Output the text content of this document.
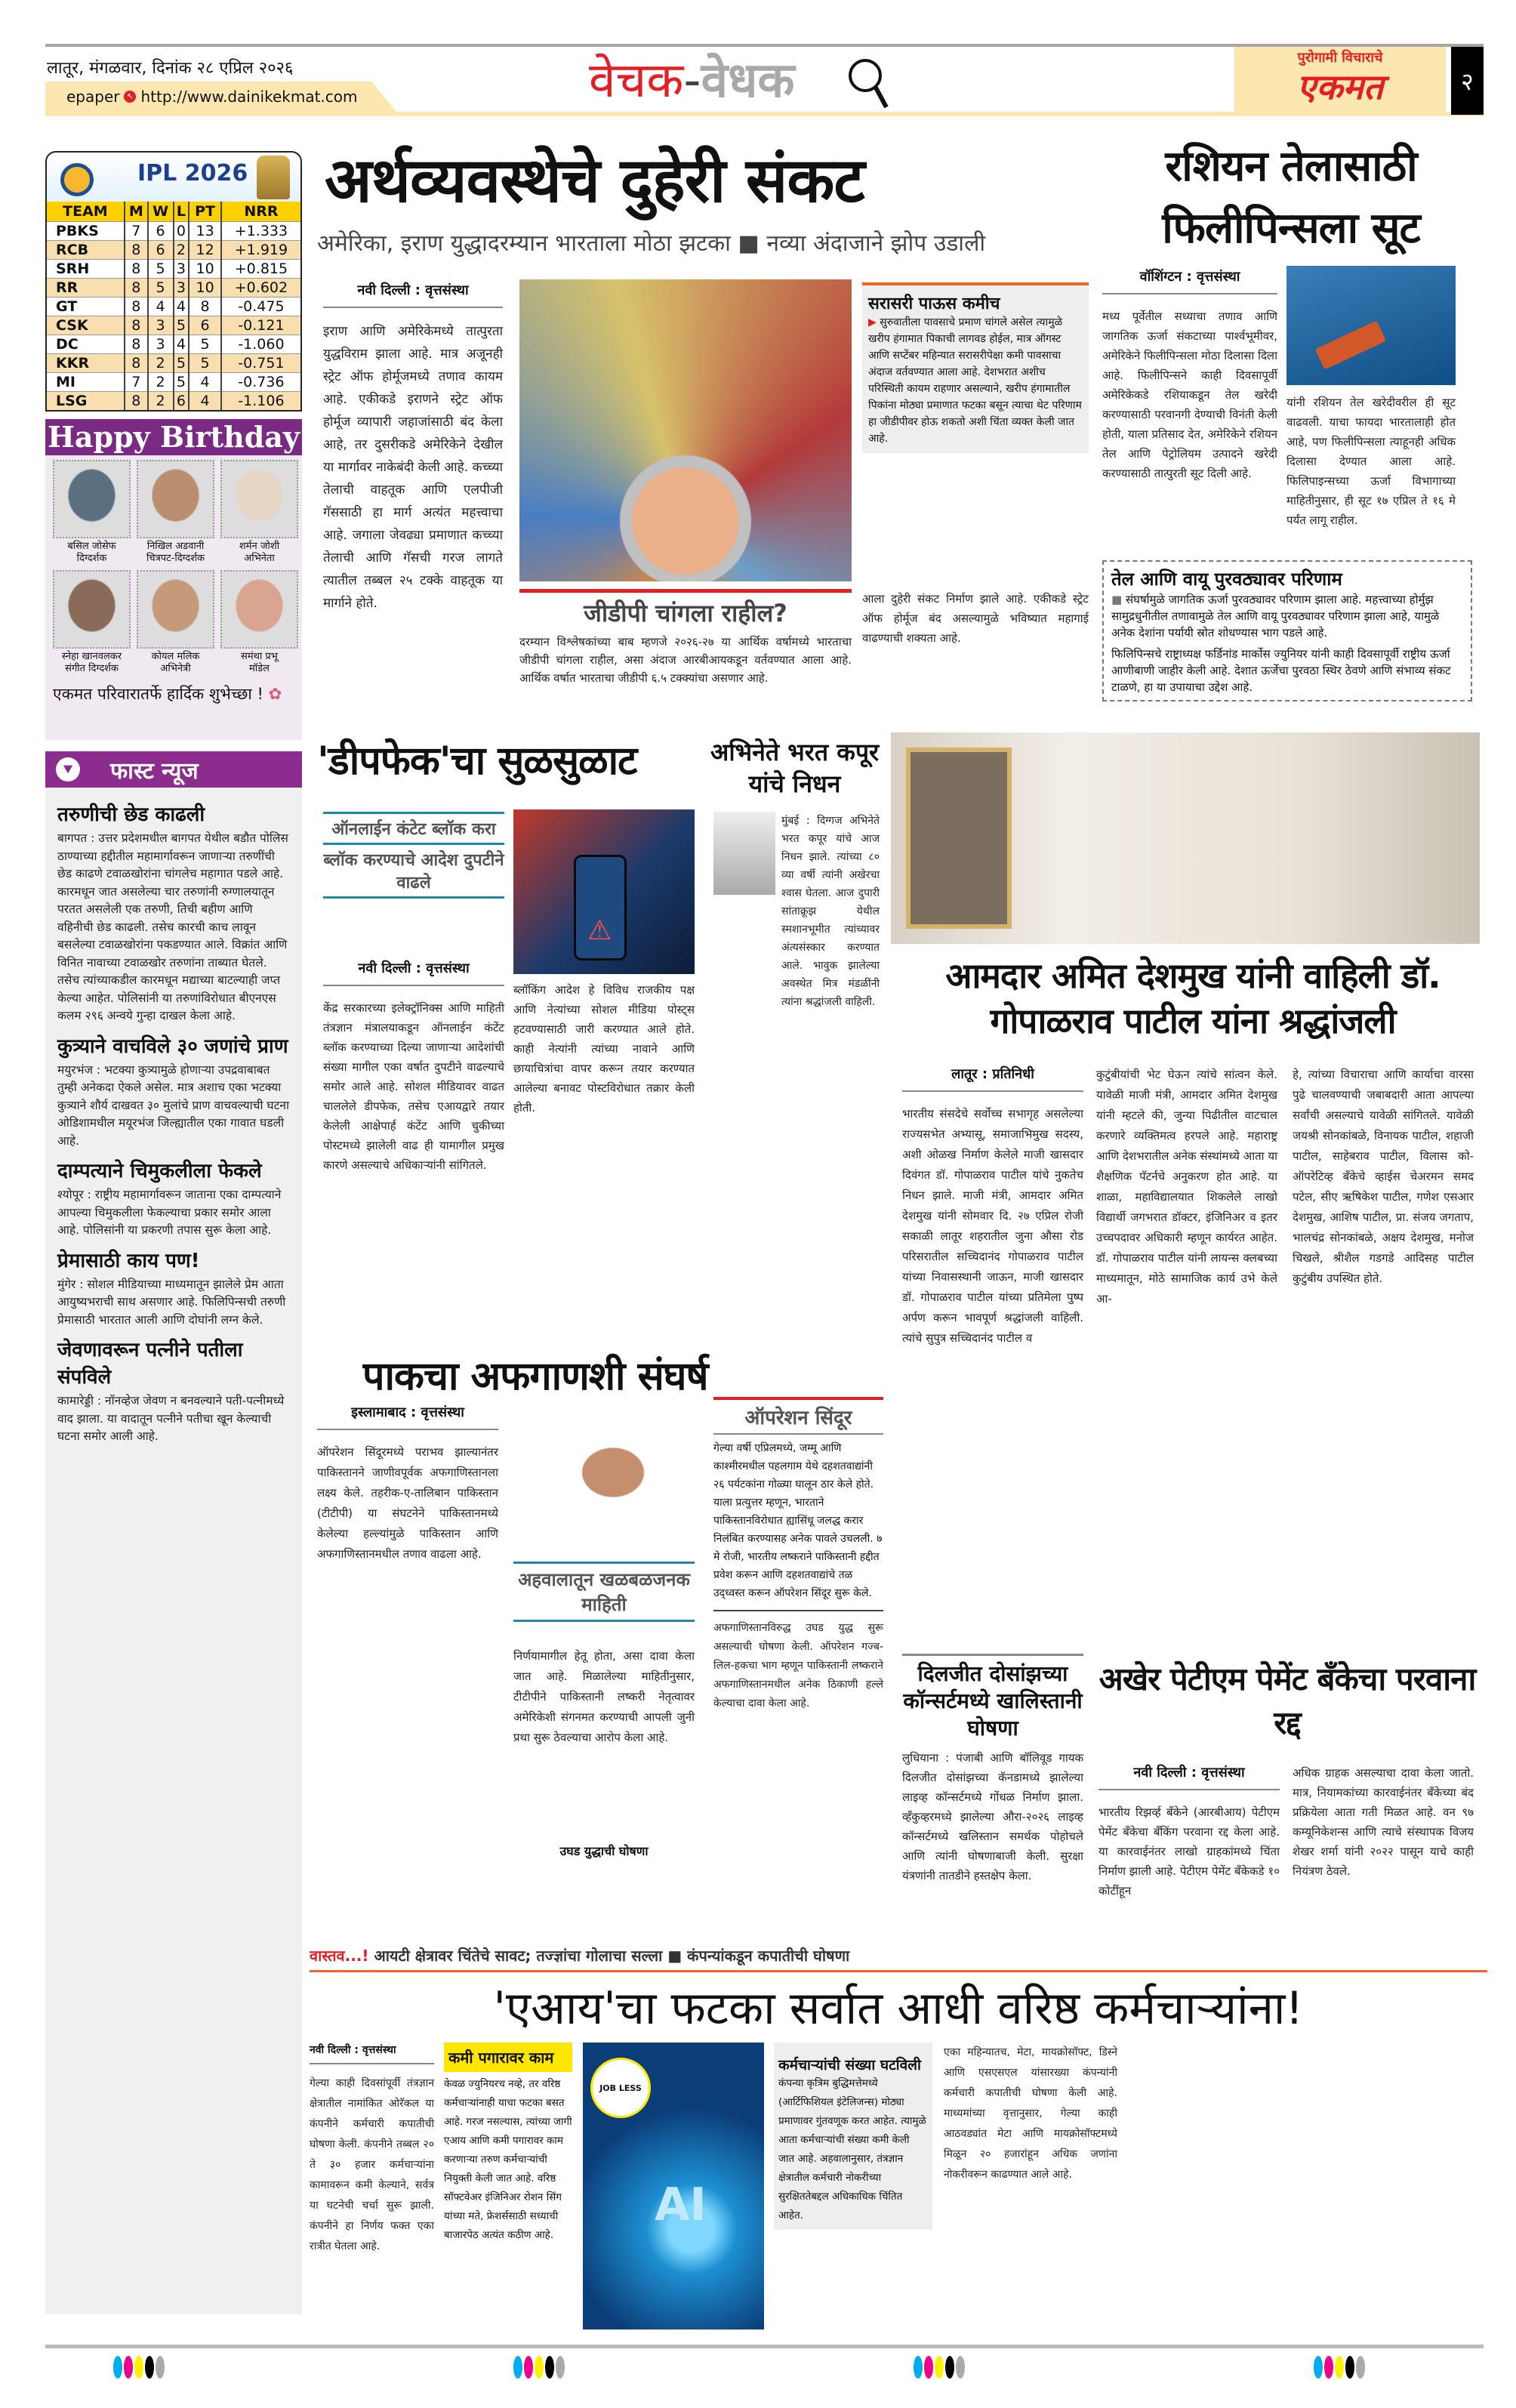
लातूर, मंगळवार, दिनांक २८ एप्रिल २०२६
epaper ↖ http://www.dainikekmat.com	वेचक-वेधक	पुरोगामी विचाराचे
एकमत	२
IPL 2026
TEAM	M	W	L	PT	NRR
PBKS	7	6	0	13	+1.333
RCB	8	6	2	12	+1.919
SRH	8	5	3	10	+0.815
RR	8	5	3	10	+0.602
GT	8	4	4	8	-0.475
CSK	8	3	5	6	-0.121
DC	8	3	4	5	-1.060
KKR	8	2	5	5	-0.751
MI	7	2	5	4	-0.736
LSG	8	2	6	4	-1.106
Happy Birthday
बसिल जोसेफ
दिग्दर्शक
निखिल अडवानी
चित्रपट-दिग्दर्शक
शर्मन जोशी
अभिनेता
स्नेहा खानवलकर
संगीत दिग्दर्शक
कोयल मलिक
अभिनेत्री
समंथा प्रभू
मॉडेल
एकमत परिवारातर्फे हार्दिक शुभेच्छा ! ✿
⯆ फास्ट न्यूज
तरुणीची छेड काढली
बागपत : उत्तर प्रदेशमधील बागपत येथील बडौत पोलिस ठाण्याच्या हद्दीतील महामार्गावरून जाणाऱ्या तरुणींची छेड काढणे टवाळखोरांना चांगलेच महागात पडले आहे. कारमधून जात असलेल्या चार तरुणांनी रुग्णालयातून परतत असलेली एक तरुणी, तिची बहीण आणि वहिनीची छेड काढली. तसेच कारची काच लावून बसलेल्या टवाळखोरांना पकडण्यात आले. विक्रांत आणि विनित नावाच्या टवाळखोर तरुणांना ताब्यात घेतले. तसेच त्यांच्याकडील कारमधून मद्याच्या बाटल्याही जप्त केल्या आहेत. पोलिसांनी या तरुणांविरोधात बीएनएस कलम २९६ अन्वये गुन्हा दाखल केला आहे.
कुत्र्याने वाचविले ३० जणांचे प्राण
मयुरभंज : भटक्या कुत्र्यामुळे होणाऱ्या उपद्रवाबाबत तुम्ही अनेकदा ऐकले असेल. मात्र अशाच एका भटक्या कुत्र्याने शौर्य दाखवत ३० मुलांचे प्राण वाचवल्याची घटना ओडिशामधील मयूरभंज जिल्ह्यातील एका गावात घडली आहे.
दाम्पत्याने चिमुकलीला फेकले
श्योपूर : राष्ट्रीय महामार्गावरून जाताना एका दाम्पत्याने आपल्या चिमुकलीला फेकल्याचा प्रकार समोर आला आहे. पोलिसांनी या प्रकरणी तपास सुरू केला आहे.
प्रेमासाठी काय पण!
मुंगेर : सोशल मीडियाच्या माध्यमातून झालेले प्रेम आता आयुष्यभराची साथ असणार आहे. फिलिपिन्सची तरुणी प्रेमासाठी भारतात आली आणि दोघांनी लग्न केले.
जेवणावरून पत्नीने पतीला संपविले
कामारेड्डी : नॉनव्हेज जेवण न बनवल्याने पती-पत्नीमध्ये वाद झाला. या वादातून पत्नीने पतीचा खून केल्याची घटना समोर आली आहे.
अर्थव्यवस्थेचे दुहेरी संकट
अमेरिका, इराण युद्धादरम्यान भारताला मोठा झटका ■ नव्या अंदाजाने झोप उडाली
नवी दिल्ली : वृत्तसंस्था
इराण आणि अमेरिकेमध्ये तात्पुरता युद्धविराम झाला आहे. मात्र अजूनही स्ट्रेट ऑफ होर्मूजमध्ये तणाव कायम आहे. एकीकडे इराणने स्ट्रेट ऑफ होर्मूज व्यापारी जहाजांसाठी बंद केला आहे, तर दुसरीकडे अमेरिकेने देखील या मार्गावर नाकेबंदी केली आहे. कच्च्या तेलाची वाहतूक आणि एलपीजी गॅससाठी हा मार्ग अत्यंत महत्त्वाचा आहे. जगाला जेवढ्या प्रमाणात कच्च्या तेलाची आणि गॅसची गरज लागते त्यातील तब्बल २५ टक्के वाहतूक या मार्गाने होते.	जीडीपी चांगला राहील?
दरम्यान विश्लेषकांच्या बाब म्हणजे २०२६-२७ या आर्थिक वर्षामध्ये भारताचा जीडीपी चांगला राहील, असा अंदाज आरबीआयकडून वर्तवण्यात आला आहे. आर्थिक वर्षात भारताचा जीडीपी ६.५ टक्क्यांचा असणार आहे.
सरासरी पाऊस कमीच
▶ सुरुवातीला पावसाचे प्रमाण चांगले असेल त्यामुळे खरीप हंगामात पिकाची लागवड होईल, मात्र ऑगस्ट आणि सप्टेंबर महिन्यात सरासरीपेक्षा कमी पावसाचा अंदाज वर्तवण्यात आला आहे. देशभरात अशीच परिस्थिती कायम राहणार असल्याने, खरीप हंगामातील पिकांना मोठ्या प्रमाणात फटका बसून त्याचा थेट परिणाम हा जीडीपीवर होऊ शकतो अशी चिंता व्यक्त केली जात आहे.
आला दुहेरी संकट निर्माण झाले आहे. एकीकडे स्ट्रेट ऑफ होर्मूज बंद असल्यामुळे भविष्यात महागाई वाढण्याची शक्यता आहे.
रशियन तेलासाठी फिलीपिन्सला सूट
वॉशिंग्टन : वृत्तसंस्था
मध्य पूर्वेतील सध्याचा तणाव आणि जागतिक ऊर्जा संकटाच्या पार्श्वभूमीवर, अमेरिकेने फिलीपिन्सला मोठा दिलासा दिला आहे. फिलीपिन्सने काही दिवसापूर्वी अमेरिकेकडे रशियाकडून तेल खरेदी करण्यासाठी परवानगी देण्याची विनंती केली होती, याला प्रतिसाद देत, अमेरिकेने रशियन तेल आणि पेट्रोलियम उत्पादने खरेदी करण्यासाठी तात्पुरती सूट दिली आहे.
यांनी रशियन तेल खरेदीवरील ही सूट वाढवली. याचा फायदा भारतालाही होत आहे, पण फिलीपिन्सला त्याहूनही अधिक दिलासा देण्यात आला आहे. फिलिपाइन्सच्या ऊर्जा विभागाच्या माहितीनुसार, ही सूट १७ एप्रिल ते १६ मे पर्यंत लागू राहील.
तेल आणि वायू पुरवठ्यावर परिणाम
■ संघर्षामुळे जागतिक ऊर्जा पुरवठ्यावर परिणाम झाला आहे. महत्त्वाच्या होर्मुझ सामुद्रधुनीतील तणावामुळे तेल आणि वायू पुरवठ्यावर परिणाम झाला आहे, यामुळे अनेक देशांना पर्यायी स्रोत शोधण्यास भाग पडले आहे.
फिलिपिन्सचे राष्ट्राध्यक्ष फर्डिनांड मार्कोस ज्युनियर यांनी काही दिवसापूर्वी राष्ट्रीय ऊर्जा आणीबाणी जाहीर केली आहे. देशात ऊर्जेचा पुरवठा स्थिर ठेवणे आणि संभाव्य संकट टाळणे, हा या उपायाचा उद्देश आहे.
'डीपफेक'चा सुळसुळाट
ऑनलाईन कंटेट ब्लॉक करा
ब्लॉक करण्याचे आदेश दुपटीने वाढले
नवी दिल्ली : वृत्तसंस्था
केंद्र सरकारच्या इलेक्ट्रॉनिक्स आणि माहिती तंत्रज्ञान मंत्रालयाकडून ऑनलाईन कंटेंट ब्लॉक करण्याच्या दिल्या जाणाऱ्या आदेशांची संख्या मागील एका वर्षात दुपटीने वाढल्याचे समोर आले आहे. सोशल मीडियावर वाढत चाललेले डीपफेक, तसेच एआयद्वारे तयार केलेली आक्षेपार्ह कंटेंट आणि चुकीच्या पोस्टमध्ये झालेली वाढ ही यामागील प्रमुख कारणे असल्याचे अधिकाऱ्यांनी सांगितले.
⚠
ब्लॉकिंग आदेश हे विविध राजकीय पक्ष आणि नेत्यांच्या सोशल मीडिया पोस्ट्स हटवण्यासाठी जारी करण्यात आले होते. काही नेत्यांनी त्यांच्या नावाने आणि छायाचित्रांचा वापर करून तयार करण्यात आलेल्या बनावट पोस्टविरोधात तक्रार केली होती.
अभिनेते भरत कपूर यांचे निधन
मुंबई : दिग्गज अभिनेते भरत कपूर यांचे आज निधन झाले. त्यांच्या ८० व्या वर्षी त्यांनी अखेरचा श्वास घेतला. आज दुपारी सांताक्रूझ येथील स्मशानभूमीत त्यांच्यावर अंत्यसंस्कार करण्यात आले. भावुक झालेल्या अवस्थेत मित्र मंडळींनी त्यांना श्रद्धांजली वाहिली.
आमदार अमित देशमुख यांनी वाहिली डॉ. गोपाळराव पाटील यांना श्रद्धांजली
लातूर : प्रतिनिधी
भारतीय संसदेचे सर्वोच्च सभागृह असलेल्या राज्यसभेत अभ्यासू, समाजाभिमुख सदस्य, अशी ओळख निर्माण केलेले माजी खासदार दिवंगत डॉ. गोपाळराव पाटील यांचे नुकतेच निधन झाले. माजी मंत्री, आमदार अमित देशमुख यांनी सोमवार दि. २७ एप्रिल रोजी सकाळी लातूर शहरातील जुना औसा रोड परिसरातील सच्चिदानंद गोपाळराव पाटील यांच्या निवासस्थानी जाऊन, माजी खासदार डॉ. गोपाळराव पाटील यांच्या प्रतिमेला पुष्प अर्पण करून भावपूर्ण श्रद्धांजली वाहिली. त्यांचे सुपुत्र सच्चिदानंद पाटील व
कुटुंबीयांची भेट घेऊन त्यांचे सांत्वन केले. यावेळी माजी मंत्री, आमदार अमित देशमुख यांनी म्हटले की, जुन्या पिढीतील वाटचाल करणारे व्यक्तिमत्व हरपले आहे. महाराष्ट्र आणि देशभरातील अनेक संस्थांमध्ये आता या शैक्षणिक पॅटर्नचे अनुकरण होत आहे. या शाळा, महाविद्यालयात शिकलेले लाखो विद्यार्थी जगभरात डॉक्टर, इंजिनिअर व इतर उच्चपदावर अधिकारी म्हणून कार्यरत आहेत. डॉ. गोपाळराव पाटील यांनी लायन्स क्लबच्या माध्यमातून, मोठे सामाजिक कार्य उभे केले आ-
हे, त्यांच्या विचाराचा आणि कार्याचा वारसा पुढे चालवण्याची जबाबदारी आता आपल्या सर्वांची असल्याचे यावेळी सांगितले. यावेळी जयश्री सोनकांबळे, विनायक पाटील, शहाजी पाटील, साहेबराव पाटील, विलास को-ऑपरेटिव्ह बँकेचे व्हाईस चेअरमन समद पटेल, सीए ऋषिकेश पाटील, गणेश एसआर देशमुख, आशिष पाटील, प्रा. संजय जगताप, भालचंद्र सोनकांबळे, अक्षय देशमुख, मनोज चिखले, श्रीशैल गडगडे आदिसह पाटील कुटुंबीय उपस्थित होते.
पाकचा अफगाणशी संघर्ष
इस्लामाबाद : वृत्तसंस्था
ऑपरेशन सिंदूरमध्ये पराभव झाल्यानंतर पाकिस्तानने जाणीवपूर्वक अफगाणिस्तानला लक्ष्य केले. तहरीक-ए-तालिबान पाकिस्तान (टीटीपी) या संघटनेने पाकिस्तानमध्ये केलेल्या हल्ल्यांमुळे पाकिस्तान आणि अफगाणिस्तानमधील तणाव वाढला आहे.
अहवालातून खळबळजनक माहिती
निर्णयामागील हेतू होता, असा दावा केला जात आहे. मिळालेल्या माहितीनुसार, टीटीपीने पाकिस्तानी लष्करी नेतृत्वावर अमेरिकेशी संगनमत करण्याची आपली जुनी प्रथा सुरू ठेवल्याचा आरोप केला आहे.
उघड युद्धाची घोषणा
ऑपरेशन सिंदूर
गेल्या वर्षी एप्रिलमध्ये, जम्मू आणि काश्मीरमधील पहलगाम येथे दहशतवाद्यांनी २६ पर्यटकांना गोळ्या घालून ठार केले होते. याला प्रत्युत्तर म्हणून, भारताने पाकिस्तानविरोधात ह्यासिंधू जलद्ध करार निलंबित करण्यासह अनेक पावले उचलली. ७ मे रोजी, भारतीय लष्कराने पाकिस्तानी हद्दीत प्रवेश करून आणि दहशतवाद्यांचे तळ उद्ध्वस्त करून ऑपरेशन सिंदूर सुरू केले.
अफगाणिस्तानविरुद्ध उघड युद्ध सुरू असल्याची घोषणा केली. ऑपरेशन गज्ब-लिल-हकचा भाग म्हणून पाकिस्तानी लष्कराने अफगाणिस्तानमधील अनेक ठिकाणी हल्ले केल्याचा दावा केला आहे.
दिलजीत दोसांझच्या कॉन्सर्टमध्ये खालिस्तानी घोषणा
लुधियाना : पंजाबी आणि बॉलिवूड गायक दिलजीत दोसांझच्या कॅनडामध्ये झालेल्या लाइव्ह कॉन्सर्टमध्ये गोंधळ निर्माण झाला. व्हँकुव्हरमध्ये झालेल्या औरा-२०२६ लाइव्ह कॉन्सर्टमध्ये खलिस्तान समर्थक पोहोचले आणि त्यांनी घोषणाबाजी केली. सुरक्षा यंत्रणांनी तातडीने हस्तक्षेप केला.
अखेर पेटीएम पेमेंट बँकेचा परवाना रद्द
नवी दिल्ली : वृत्तसंस्था
भारतीय रिझर्व्ह बँकेने (आरबीआय) पेटीएम पेमेंट बँकेचा बँकिंग परवाना रद्द केला आहे. या कारवाईनंतर लाखो ग्राहकांमध्ये चिंता निर्माण झाली आहे. पेटीएम पेमेंट बँकेकडे १० कोटींहून
अधिक ग्राहक असल्याचा दावा केला जातो. मात्र, नियामकांच्या कारवाईनंतर बँकेच्या बंद प्रक्रियेला आता गती मिळत आहे. वन ९७ कम्यूनिकेशन्स आणि त्याचे संस्थापक विजय शेखर शर्मा यांनी २०२२ पासून याचे काही नियंत्रण ठेवले.
वास्तव...! आयटी क्षेत्रावर चिंतेचे सावट; तज्ज्ञांचा गोलाचा सल्ला ■ कंपन्यांकडून कपातीची घोषणा
'एआय'चा फटका सर्वात आधी वरिष्ठ कर्मचाऱ्यांना!
नवी दिल्ली : वृत्तसंस्था
गेल्या काही दिवसांपूर्वी तंत्रज्ञान क्षेत्रातील नामांकित ओरॅकल या कंपनीने कर्मचारी कपातीची घोषणा केली. कंपनीने तब्बल २० ते ३० हजार कर्मचाऱ्यांना कामावरून कमी केल्याने, सर्वत्र या घटनेची चर्चा सुरू झाली. कंपनीने हा निर्णय फक्त एका रात्रीत घेतला आहे.
कमी पगारावर काम
केवळ ज्युनियरच नव्हे, तर वरिष्ठ कर्मचाऱ्यांनाही याचा फटका बसत आहे. गरज नसल्यास, त्यांच्या जागी एआय आणि कमी पगारावर काम करणाऱ्या तरुण कर्मचाऱ्यांची नियुक्ती केली जात आहे. वरिष्ठ सॉफ्टवेअर इंजिनिअर रोशन सिंग यांच्या मते, फ्रेशर्ससाठी सध्याची बाजारपेठ अत्यंत कठीण आहे.
JOB LESS
AI
कर्मचाऱ्यांची संख्या घटविली
कंपन्या कृत्रिम बुद्धिमत्तेमध्ये (आर्टिफिशियल इंटेलिजन्स) मोठ्या प्रमाणावर गुंतवणूक करत आहेत. त्यामुळे आता कर्मचाऱ्यांची संख्या कमी केली जात आहे. अहवालानुसार, तंत्रज्ञान क्षेत्रातील कर्मचारी नोकरीच्या सुरक्षिततेबद्दल अधिकाधिक चिंतित आहेत.
एका महिन्यातच, मेटा, मायक्रोसॉफ्ट, डिस्ने आणि एसएसएल यांसारख्या कंपन्यांनी कर्मचारी कपातीची घोषणा केली आहे. माध्यमांच्या वृत्तानुसार, गेल्या काही आठवड्यांत मेटा आणि मायक्रोसॉफ्टमध्ये मिळून २० हजारांहून अधिक जणांना नोकरीवरून काढण्यात आले आहे.
